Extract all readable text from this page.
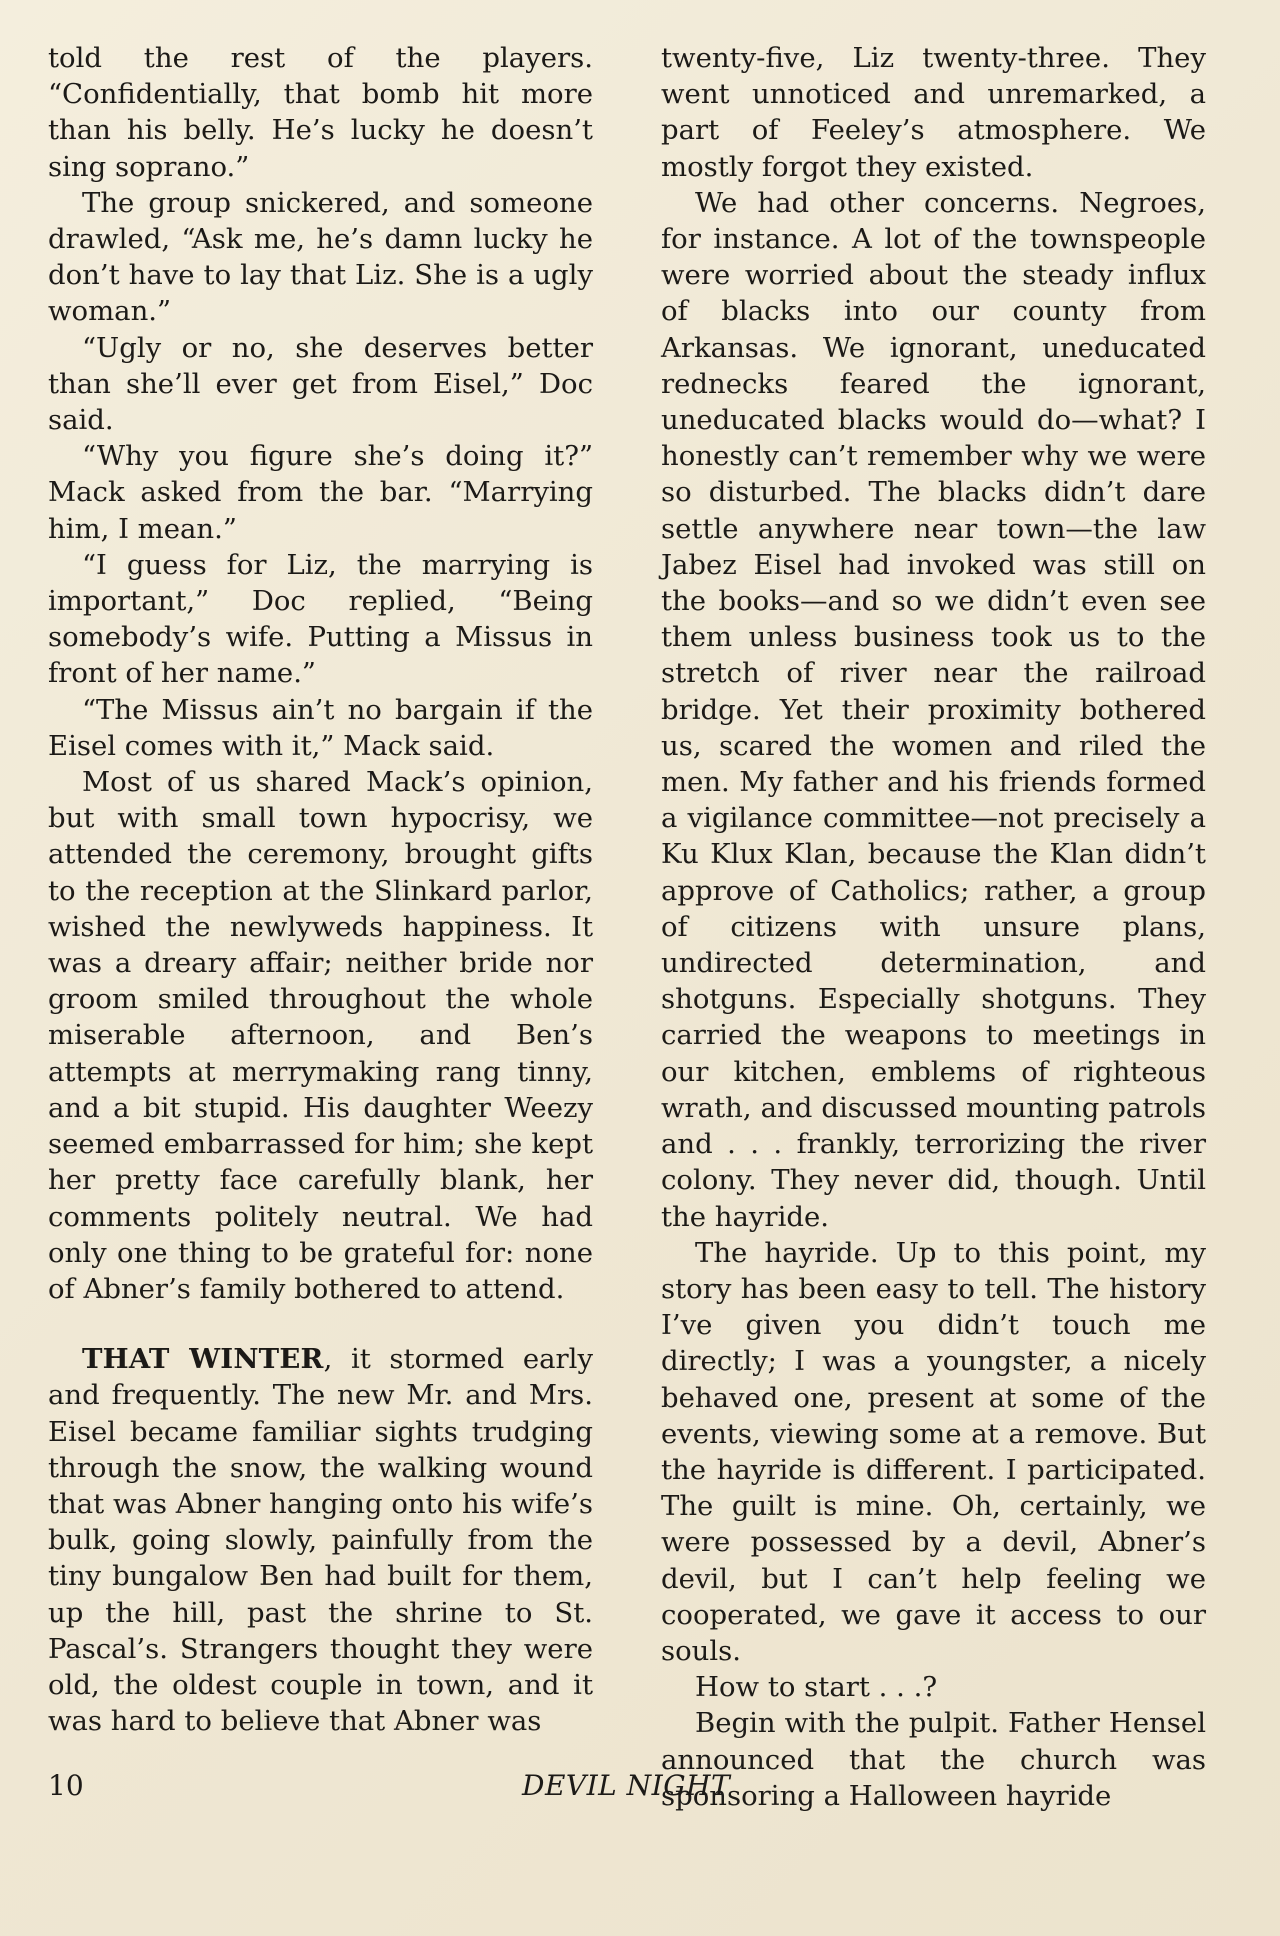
told the rest of the players. “Confidentially, that bomb hit more than his belly. He’s lucky he doesn’t sing soprano.”

The group snickered, and someone drawled, “Ask me, he’s damn lucky he don’t have to lay that Liz. She is a ugly woman.”

“Ugly or no, she deserves better than she’ll ever get from Eisel,” Doc said.

“Why you figure she’s doing it?” Mack asked from the bar. “Marrying him, I mean.”

“I guess for Liz, the marrying is important,” Doc replied, “Being somebody’s wife. Putting a Missus in front of her name.”

“The Missus ain’t no bargain if the Eisel comes with it,” Mack said.

Most of us shared Mack’s opinion, but with small town hypocrisy, we attended the ceremony, brought gifts to the reception at the Slinkard parlor, wished the newlyweds happiness. It was a dreary affair; neither bride nor groom smiled throughout the whole miserable afternoon, and Ben’s attempts at merrymaking rang tinny, and a bit stupid. His daughter Weezy seemed embarrassed for him; she kept her pretty face carefully blank, her comments politely neutral. We had only one thing to be grateful for: none of Abner’s family bothered to attend.

THAT WINTER, it stormed early and frequently. The new Mr. and Mrs. Eisel became familiar sights trudging through the snow, the walking wound that was Abner hanging onto his wife’s bulk, going slowly, painfully from the tiny bungalow Ben had built for them, up the hill, past the shrine to St. Pascal’s. Strangers thought they were old, the oldest couple in town, and it was hard to believe that Abner was

twenty-five, Liz twenty-three. They went unnoticed and unremarked, a part of Feeley’s atmosphere. We mostly forgot they existed.

We had other concerns. Negroes, for instance. A lot of the townspeople were worried about the steady influx of blacks into our county from Arkansas. We ignorant, uneducated rednecks feared the ignorant, uneducated blacks would do—what? I honestly can’t remember why we were so disturbed. The blacks didn’t dare settle anywhere near town—the law Jabez Eisel had invoked was still on the books—and so we didn’t even see them unless business took us to the stretch of river near the railroad bridge. Yet their proximity bothered us, scared the women and riled the men. My father and his friends formed a vigilance committee—not precisely a Ku Klux Klan, because the Klan didn’t approve of Catholics; rather, a group of citizens with unsure plans, undirected determination, and shotguns. Especially shotguns. They carried the weapons to meetings in our kitchen, emblems of righteous wrath, and discussed mounting patrols and . . . frankly, terrorizing the river colony. They never did, though. Until the hayride.

The hayride. Up to this point, my story has been easy to tell. The history I’ve given you didn’t touch me directly; I was a youngster, a nicely behaved one, present at some of the events, viewing some at a remove. But the hayride is different. I participated. The guilt is mine. Oh, certainly, we were possessed by a devil, Abner’s devil, but I can’t help feeling we cooperated, we gave it access to our souls.

How to start . . .?

Begin with the pulpit. Father Hensel announced that the church was sponsoring a Halloween hayride

10	DEVIL NIGHT
